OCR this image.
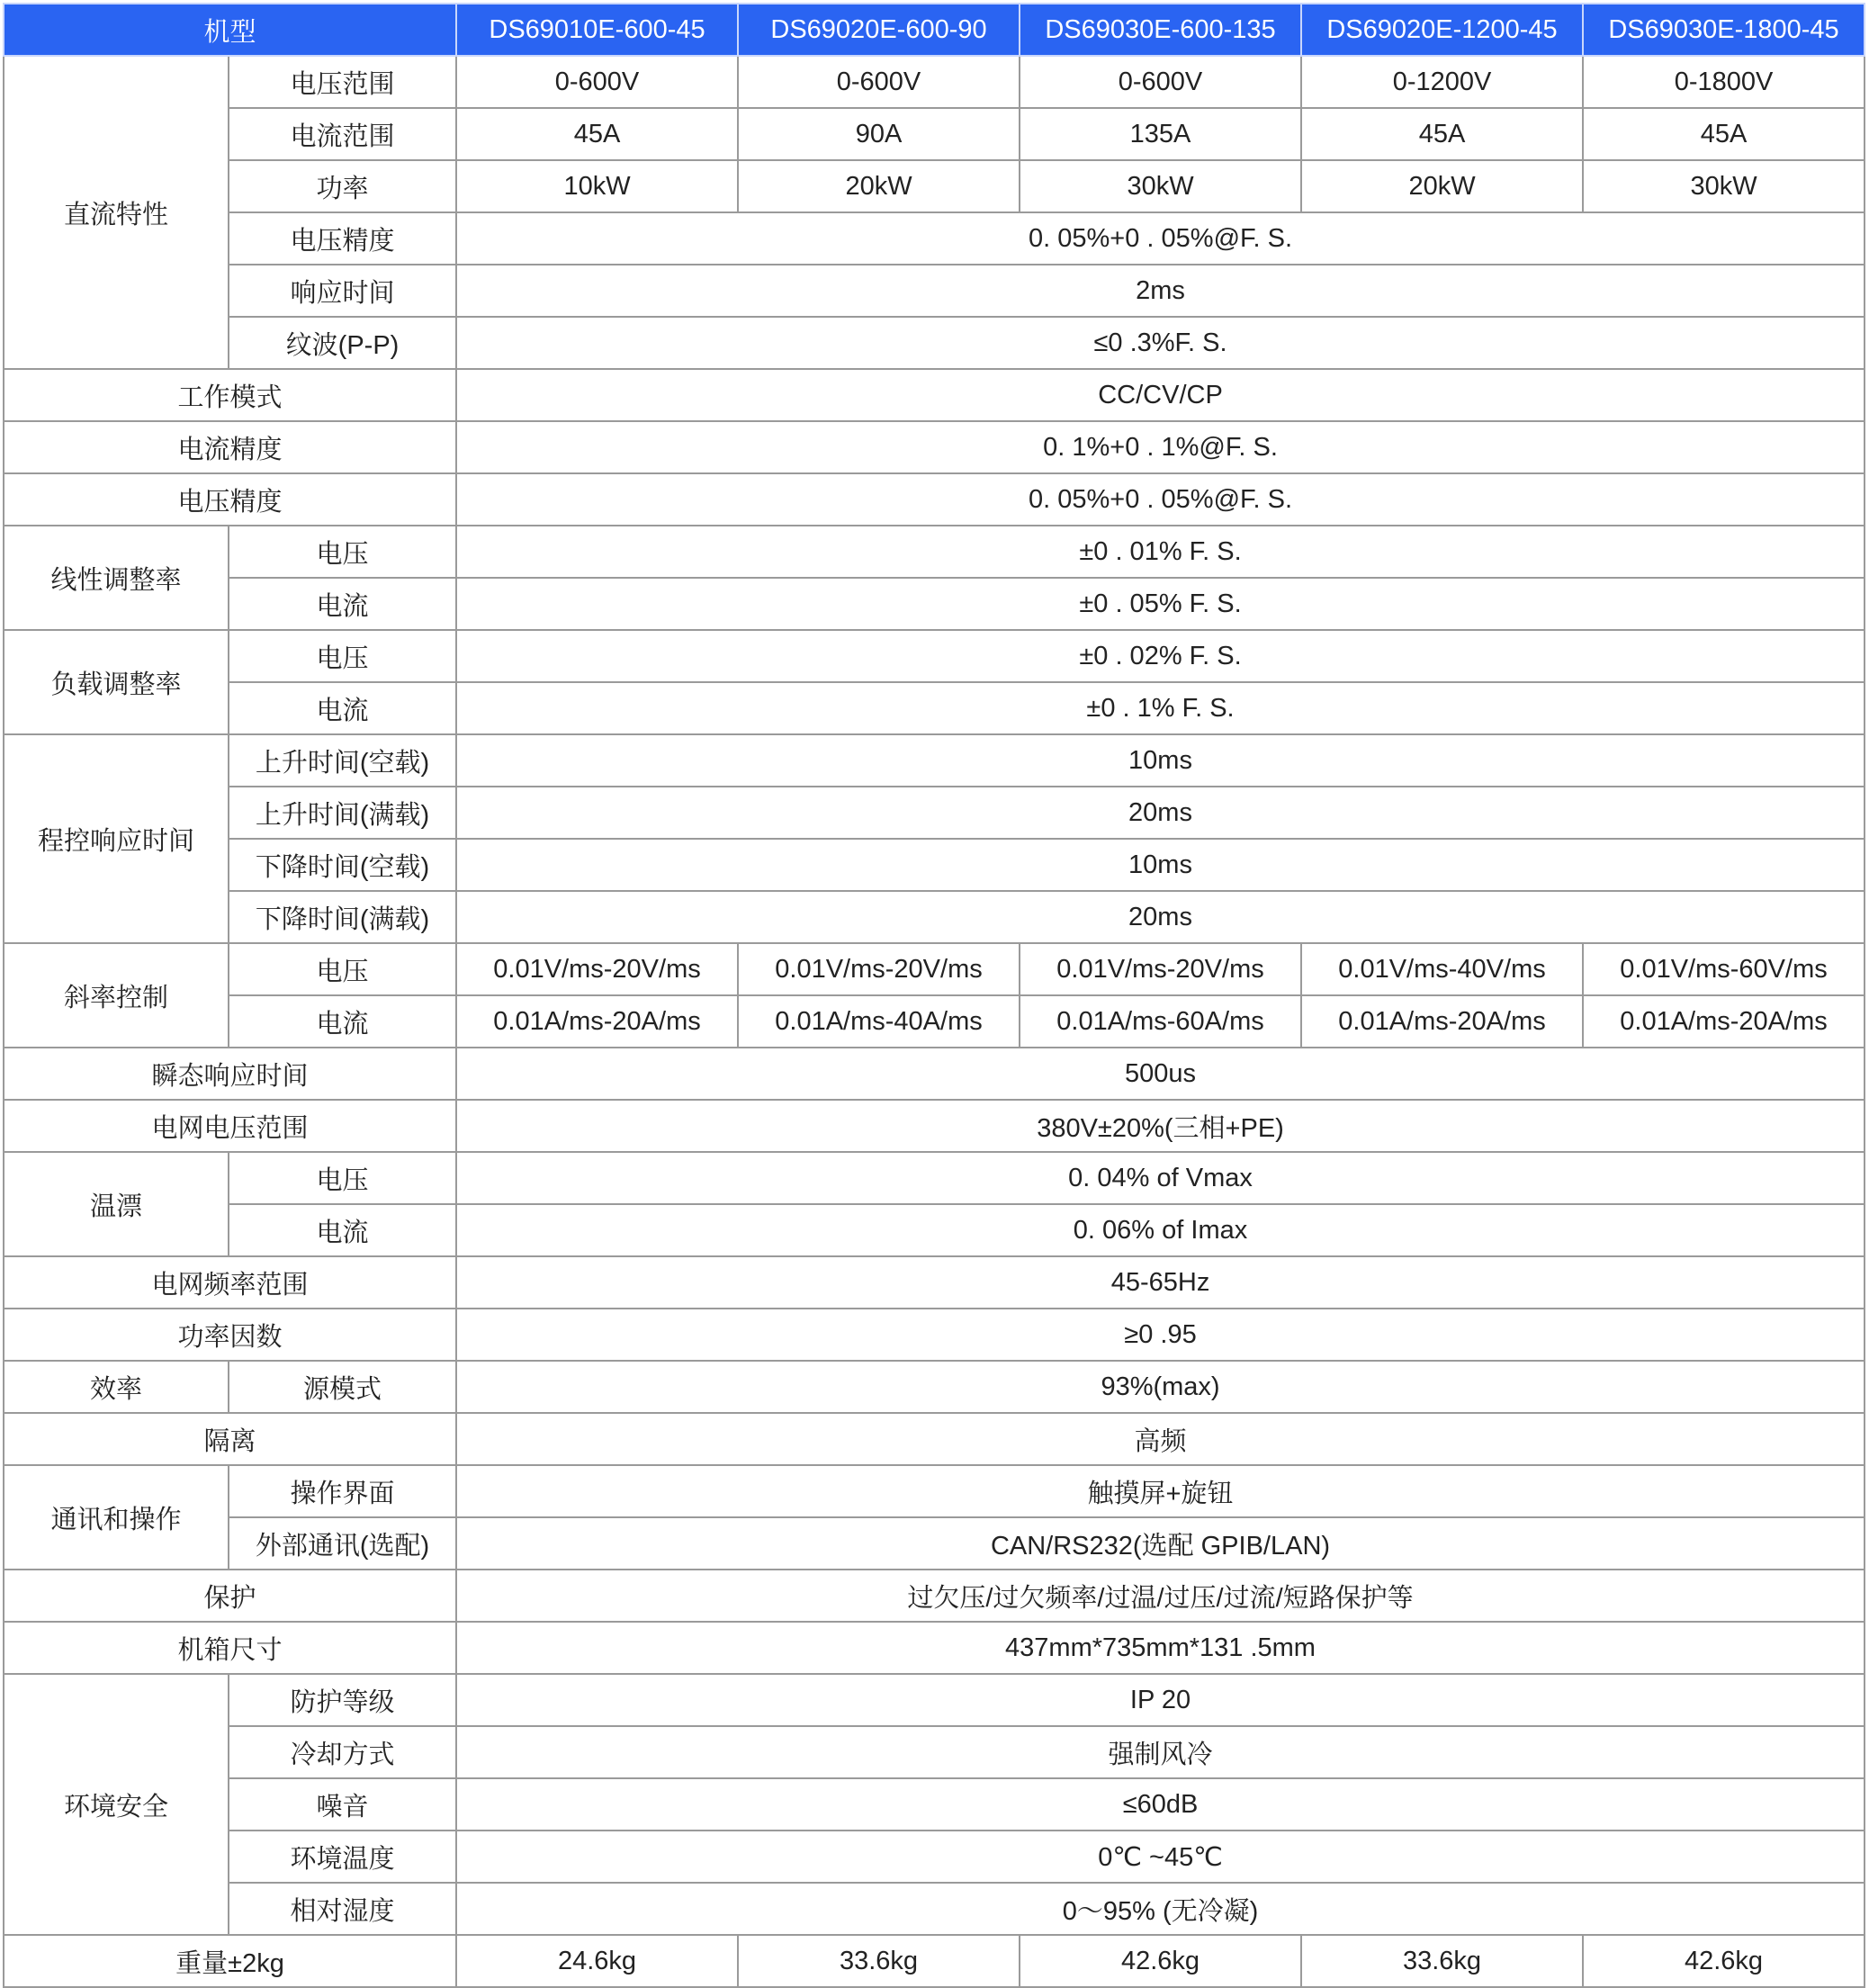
机型		DS69010E-600-45	DS69020E-600-90	DS69030E-600-135	DS69020E-1200-45	DS69030E-1800-45
直流特性	电压范围	0-600V	0-600V	0-600V	0-1200V	0-1800V
	电流范围	45A	90A	135A	45A	45A
	功率	10kW	20kW	30kW	20kW	30kW
	电压精度	0. 05%+0 . 05%@F. S.				
	响应时间	2ms				
	纹波(P-P)	≤0 .3%F. S.				
工作模式		CC/CV/CP				
电流精度		0. 1%+0 . 1%@F. S.				
电压精度		0. 05%+0 . 05%@F. S.				
线性调整率	电压	±0 . 01% F. S.				
	电流	±0 . 05% F. S.				
负载调整率	电压	±0 . 02% F. S.				
	电流	±0 . 1% F. S.				
程控响应时间	上升时间(空载)	10ms				
	上升时间(满载)	20ms				
	下降时间(空载)	10ms				
	下降时间(满载)	20ms				
斜率控制	电压	0.01V/ms-20V/ms	0.01V/ms-20V/ms	0.01V/ms-20V/ms	0.01V/ms-40V/ms	0.01V/ms-60V/ms
	电流	0.01A/ms-20A/ms	0.01A/ms-40A/ms	0.01A/ms-60A/ms	0.01A/ms-20A/ms	0.01A/ms-20A/ms
瞬态响应时间		500us				
电网电压范围		380V±20%(三相+PE)				
温漂	电压	0. 04% of Vmax				
	电流	0. 06% of Imax				
电网频率范围		45-65Hz				
功率因数		≥0 .95				
效率	源模式	93%(max)				
隔离		高频				
通讯和操作	操作界面	触摸屏+旋钮				
	外部通讯(选配)	CAN/RS232(选配 GPIB/LAN)				
保护		过欠压/过欠频率/过温/过压/过流/短路保护等				
机箱尺寸		437mm*735mm*131 .5mm				
环境安全	防护等级	IP 20				
	冷却方式	强制风冷				
	噪音	≤60dB				
	环境温度	0℃ ~45℃				
	相对湿度	0～95% (无冷凝)				
重量±2kg		24.6kg	33.6kg	42.6kg	33.6kg	42.6kg
